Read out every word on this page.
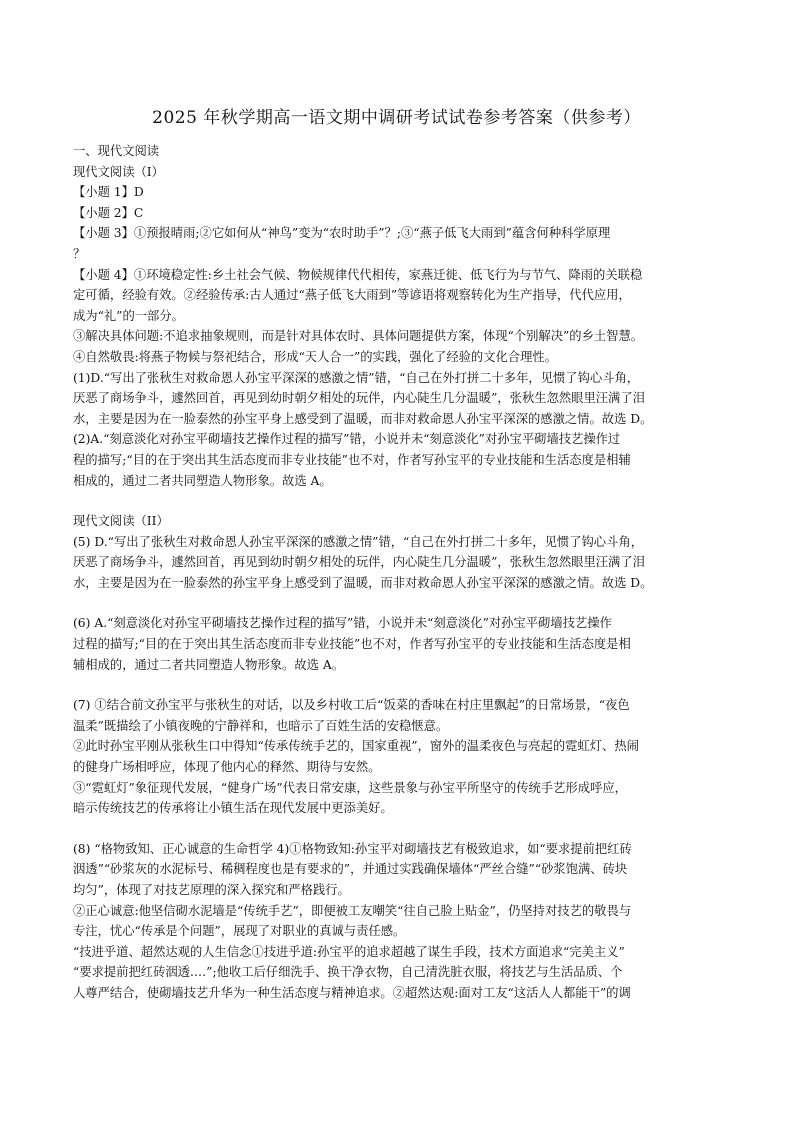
2025 年秋学期高一语文期中调研考试试卷参考答案（供参考）

一、现代文阅读

现代文阅读（I）

【小题 1】D

【小题 2】C

【小题 3】①预报晴雨;②它如何从“神鸟”变为“农时助手”？;③“燕子低飞大雨到”蕴含何种科学原理

？

【小题 4】①环境稳定性:乡土社会气候、物候规律代代相传，家燕迁徙、低飞行为与节气、降雨的关联稳

定可循，经验有效。②经验传承:古人通过“燕子低飞大雨到”等谚语将观察转化为生产指导，代代应用，

成为“礼”的一部分。

③解决具体问题:不追求抽象规则，而是针对具体农时、具体问题提供方案，体现“个别解决”的乡土智慧。

④自然敬畏:将燕子物候与祭祀结合，形成“天人合一”的实践，强化了经验的文化合理性。

(1)D.“写出了张秋生对救命恩人孙宝平深深的感激之情”错，“自己在外打拼二十多年，见惯了钩心斗角，

厌恶了商场争斗，遽然回首，再见到幼时朝夕相处的玩伴，内心陡生几分温暖”，张秋生忽然眼里汪满了泪

水，主要是因为在一脸泰然的孙宝平身上感受到了温暖，而非对救命恩人孙宝平深深的感激之情。故选 D。

(2)A.“刻意淡化对孙宝平砌墙技艺操作过程的描写”错，小说并未“刻意淡化”对孙宝平砌墙技艺操作过

程的描写;“目的在于突出其生活态度而非专业技能”也不对，作者写孙宝平的专业技能和生活态度是相辅

相成的，通过二者共同塑造人物形象。故选 A。

现代文阅读（II）

(5) D.“写出了张秋生对救命恩人孙宝平深深的感激之情”错，“自己在外打拼二十多年，见惯了钩心斗角，

厌恶了商场争斗，遽然回首，再见到幼时朝夕相处的玩伴，内心陡生几分温暖”，张秋生忽然眼里汪满了泪

水，主要是因为在一脸泰然的孙宝平身上感受到了温暖，而非对救命恩人孙宝平深深的感激之情。故选 D。

(6) A.“刻意淡化对孙宝平砌墙技艺操作过程的描写”错，小说并未“刻意淡化”对孙宝平砌墙技艺操作

过程的描写;“目的在于突出其生活态度而非专业技能”也不对，作者写孙宝平的专业技能和生活态度是相

辅相成的，通过二者共同塑造人物形象。故选 A。

(7) ①结合前文孙宝平与张秋生的对话，以及乡村收工后“饭菜的香味在村庄里飘起”的日常场景，“夜色

温柔”既描绘了小镇夜晚的宁静祥和，也暗示了百姓生活的安稳惬意。

②此时孙宝平刚从张秋生口中得知“传承传统手艺的，国家重视”，窗外的温柔夜色与亮起的霓虹灯、热闹

的健身广场相呼应，体现了他内心的释然、期待与安然。

③“霓虹灯”象征现代发展，“健身广场”代表日常安康，这些景象与孙宝平所坚守的传统手艺形成呼应，

暗示传统技艺的传承将让小镇生活在现代发展中更添美好。

(8) “格物致知、正心诚意的生命哲学 4)①格物致知:孙宝平对砌墙技艺有极致追求，如“要求提前把红砖

洇透”“砂浆灰的水泥标号、稀稠程度也是有要求的”，并通过实践确保墙体“严丝合缝”“砂浆饱满、砖块

均匀”，体现了对技艺原理的深入探究和严格践行。

②正心诚意:他坚信砌水泥墙是“传统手艺”，即便被工友嘲笑“往自己脸上贴金”，仍坚持对技艺的敬畏与

专注，忧心“传承是个问题”，展现了对职业的真诚与责任感。

“技进乎道、超然达观的人生信念①技进乎道:孙宝平的追求超越了谋生手段，技术方面追求“完美主义”

“要求提前把红砖洇透.…”;他收工后仔细洗手、换干净衣物，自己清洗脏衣服，将技艺与生活品质、个

人尊严结合，使砌墙技艺升华为一种生活态度与精神追求。②超然达观:面对工友“这活人人都能干”的调
